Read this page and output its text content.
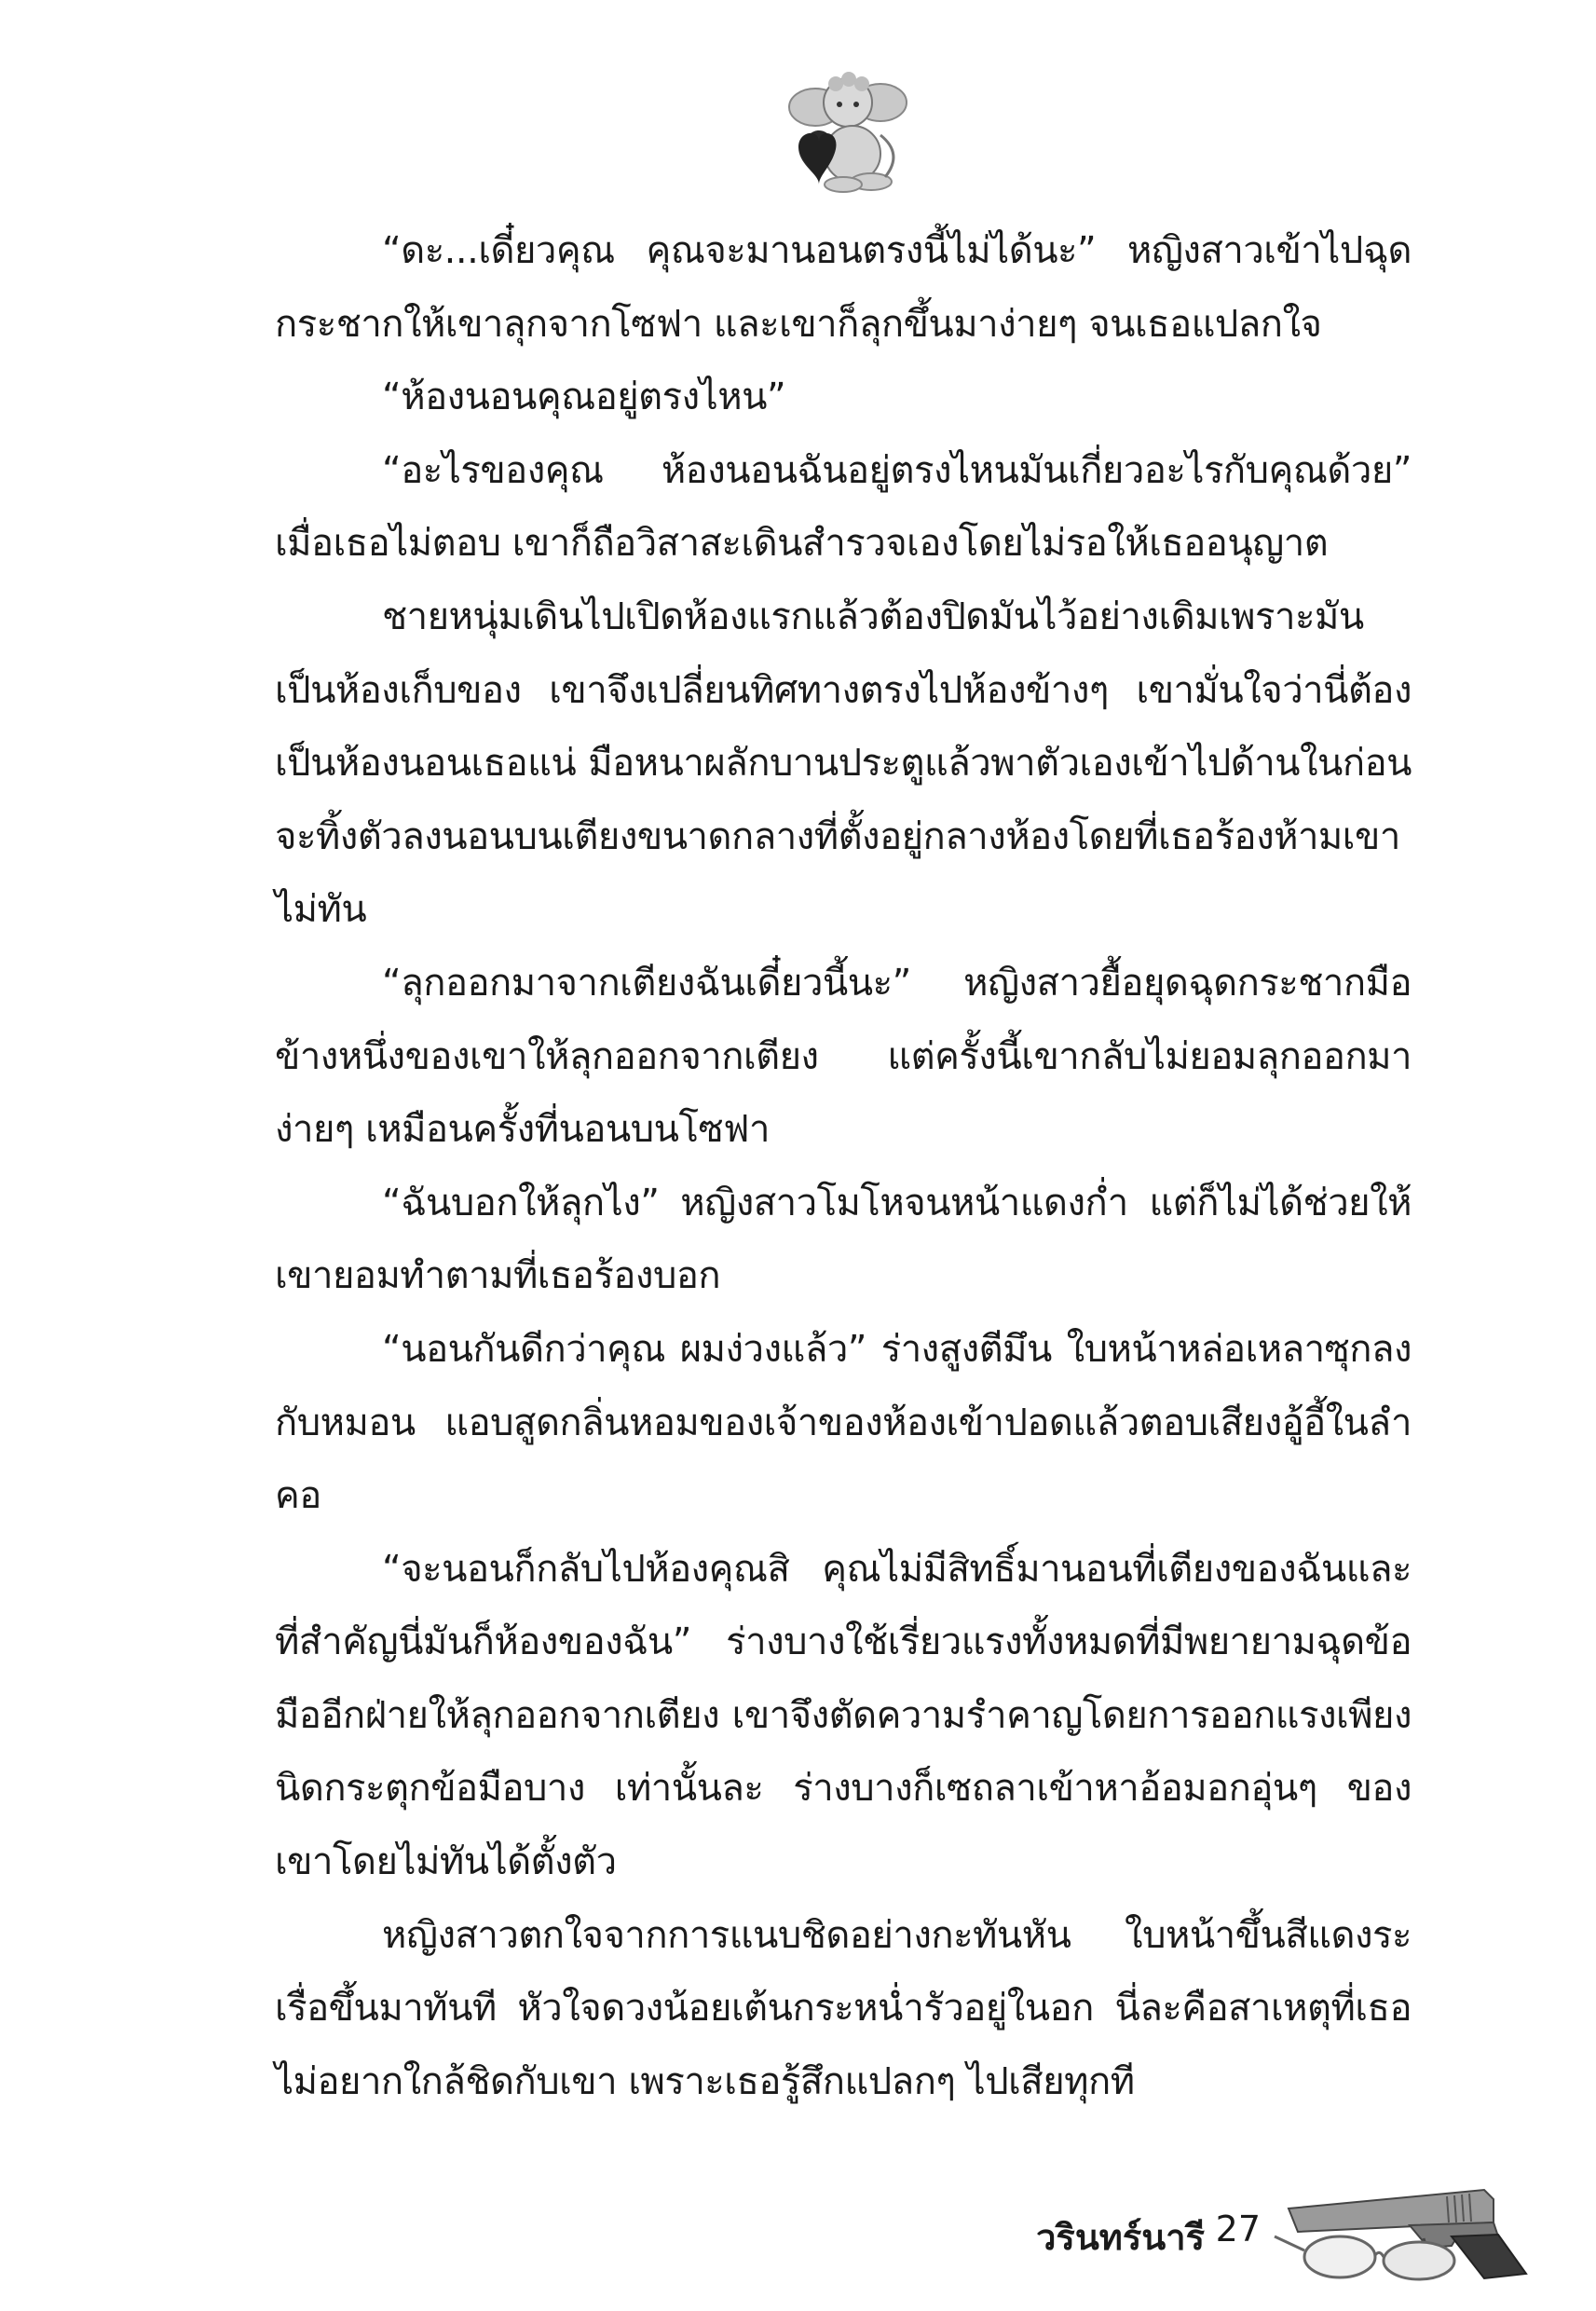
“ดะ...เดี๋ยวคุณ คุณจะมานอนตรงนี้ไม่ได้นะ” หญิงสาวเข้าไปฉุดกระชากให้เขาลุกจากโซฟา และเขาก็ลุกขึ้นมาง่ายๆ จนเธอแปลกใจ

“ห้องนอนคุณอยู่ตรงไหน”

“อะไรของคุณ ห้องนอนฉันอยู่ตรงไหนมันเกี่ยวอะไรกับคุณด้วย” เมื่อเธอไม่ตอบ เขาก็ถือวิสาสะเดินสำรวจเองโดยไม่รอให้เธออนุญาต

ชายหนุ่มเดินไปเปิดห้องแรกแล้วต้องปิดมันไว้อย่างเดิมเพราะมันเป็นห้องเก็บของ เขาจึงเปลี่ยนทิศทางตรงไปห้องข้างๆ เขามั่นใจว่านี่ต้องเป็นห้องนอนเธอแน่ มือหนาผลักบานประตูแล้วพาตัวเองเข้าไปด้านในก่อนจะทิ้งตัวลงนอนบนเตียงขนาดกลางที่ตั้งอยู่กลางห้องโดยที่เธอร้องห้ามเขาไม่ทัน

“ลุกออกมาจากเตียงฉันเดี๋ยวนี้นะ” หญิงสาวยื้อยุดฉุดกระชากมือข้างหนึ่งของเขาให้ลุกออกจากเตียง แต่ครั้งนี้เขากลับไม่ยอมลุกออกมาง่ายๆ เหมือนครั้งที่นอนบนโซฟา

“ฉันบอกให้ลุกไง” หญิงสาวโมโหจนหน้าแดงก่ำ แต่ก็ไม่ได้ช่วยให้เขายอมทำตามที่เธอร้องบอก

“นอนกันดีกว่าคุณ ผมง่วงแล้ว” ร่างสูงตีมึน ใบหน้าหล่อเหลาซุกลงกับหมอน แอบสูดกลิ่นหอมของเจ้าของห้องเข้าปอดแล้วตอบเสียงอู้อี้ในลำคอ

“จะนอนก็กลับไปห้องคุณสิ คุณไม่มีสิทธิ์มานอนที่เตียงของฉันและที่สำคัญนี่มันก็ห้องของฉัน” ร่างบางใช้เรี่ยวแรงทั้งหมดที่มีพยายามฉุดข้อมืออีกฝ่ายให้ลุกออกจากเตียง เขาจึงตัดความรำคาญโดยการออกแรงเพียงนิดกระตุกข้อมือบาง เท่านั้นละ ร่างบางก็เซถลาเข้าหาอ้อมอกอุ่นๆ ของเขาโดยไม่ทันได้ตั้งตัว

หญิงสาวตกใจจากการแนบชิดอย่างกะทันหัน ใบหน้าขึ้นสีแดงระเรื่อขึ้นมาทันที หัวใจดวงน้อยเต้นกระหน่ำรัวอยู่ในอก นี่ละคือสาเหตุที่เธอไม่อยากใกล้ชิดกับเขา เพราะเธอรู้สึกแปลกๆ ไปเสียทุกที

วรินทร์นารี 27
